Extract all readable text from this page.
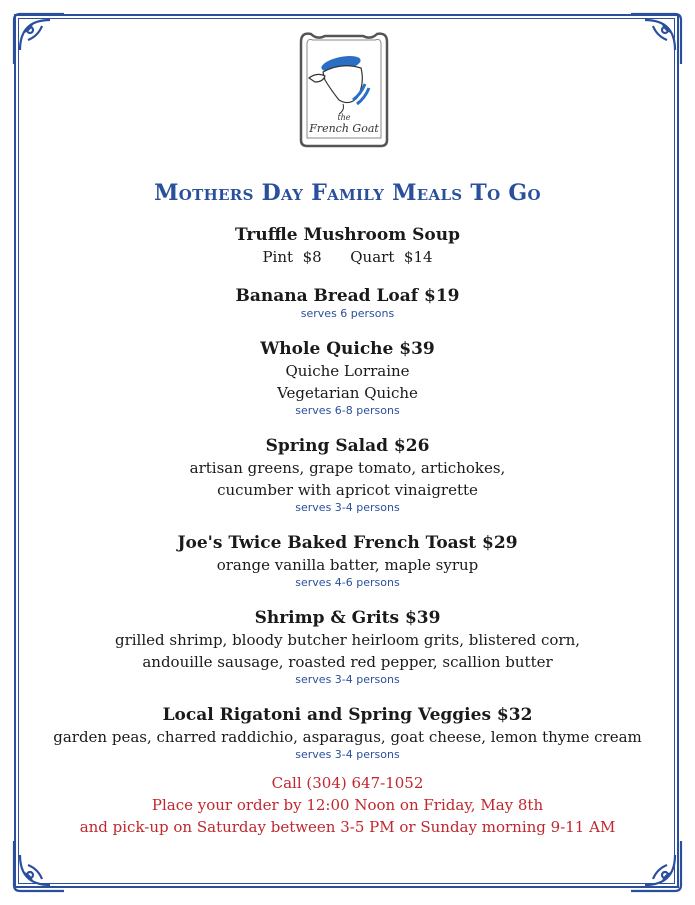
the
French Goat
Mothers Day Family Meals To Go
Truffle Mushroom Soup
Pint  $8      Quart  $14
Banana Bread Loaf $19
serves 6 persons
Whole Quiche $39
Quiche Lorraine
Vegetarian Quiche
serves 6-8 persons
Spring Salad $26
artisan greens, grape tomato, artichokes,
cucumber with apricot vinaigrette
serves 3-4 persons
Joe's Twice Baked French Toast $29
orange vanilla batter, maple syrup
serves 4-6 persons
Shrimp & Grits $39
grilled shrimp, bloody butcher heirloom grits, blistered corn,
andouille sausage, roasted red pepper, scallion butter
serves 3-4 persons
Local Rigatoni and Spring Veggies $32
garden peas, charred raddichio, asparagus, goat cheese, lemon thyme cream
serves 3-4 persons
Call (304) 647-1052
Place your order by 12:00 Noon on Friday, May 8th
and pick-up on Saturday between 3-5 PM or Sunday morning 9-11 AM
